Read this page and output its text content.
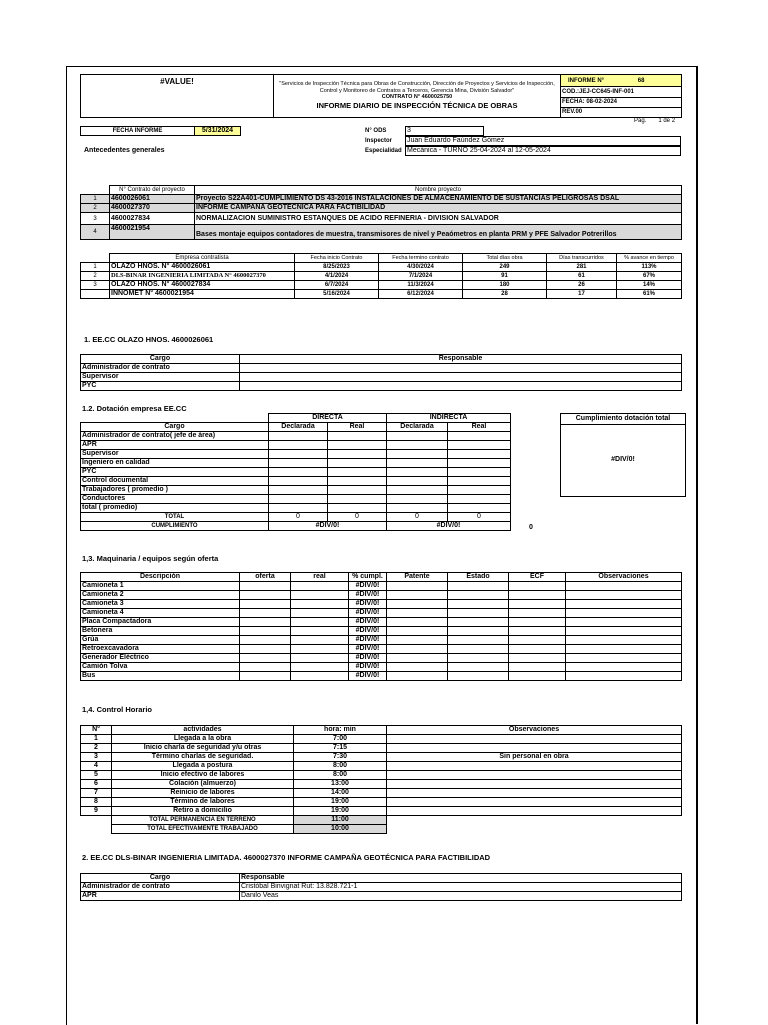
#VALUE!	"Servicios de Inspección Técnica para Obras de Construcción, Dirección de Proyectos y Servicios de Inspección, Control y Monitoreo de Contratos a Terceros, Gerencia Mina, División Salvador"
CONTRATO N° 4600025750
INFORME DIARIO DE INSPECCIÓN TÉCNICA DE OBRAS
	INFORME N°	68
COD.:JEJ-CC645-INF-001
FECHA: 08-02-2024
REV.00
Pág. 1 de 2
FECHA INFORME	5/31/2024	N° ODS	3
Inspector Juan Eduardo Faúndez Gómez
Especialidad Mecánica - TURNO 25-04-2024 al 12-05-2024
Antecedentes generales
	N° Contrato del proyecto	Nombre proyecto
1	4600026061	Proyecto S22A401-CUMPLIMIENTO DS 43-2016 INSTALACIONES DE ALMACENAMIENTO DE SUSTANCIAS PELIGROSAS DSAL
2	4600027370	INFORME CAMPAÑA GEOTÉCNICA PARA FACTIBILIDAD
3	4600027834	NORMALIZACION SUMINISTRO ESTANQUES DE ACIDO REFINERIA - DIVISION SALVADOR
4	4600021954	Bases montaje equipos contadores de muestra, transmisores de nivel y Peaómetros en planta PRM y PFE Salvador Potrerillos
	Empresa contratista	Fecha inicio Contrato	Fecha termino contrato	Total días obra	Días transcurridos	% avance en tiempo
1	OLAZO HNOS. N° 4600026061	8/25/2023	4/30/2024	249	281	113%
2	DLS-BINAR INGENIERIA LIMITADA N° 4600027370	4/1/2024	7/1/2024	91	61	67%
3	OLAZO HNOS. N° 4600027834	6/7/2024	11/3/2024	180	26	14%
	INNOMET N° 4600021954	5/16/2024	6/12/2024	28	17	61%
1. EE.CC OLAZO HNOS. 4600026061
Cargo	Responsable
Administrador de contrato	
Supervisor	
PYC	
1.2. Dotación empresa EE.CC
	DIRECTA		INDIRECTA	
Cargo	Declarada	Real	Declarada	Real
Administrador de contrato( jefe de área)				
APR				
Supervisor				
Ingeniero en calidad				
PYC				
Control documental				
Trabajadores ( promedio )				
Conductores				
total ( promedio)				
TOTAL	0	0	0	0
CUMPLIMIENTO	#DIV/0!		#DIV/0!		0
Cumplimiento dotación total
#DIV/0!
1,3. Maquinaria / equipos según oferta
Descripción	oferta	real	% cumpl.	Patente	Estado	ECF	Observaciones
Camioneta 1			#DIV/0!				
Camioneta 2			#DIV/0!				
Camioneta 3			#DIV/0!				
Camioneta 4			#DIV/0!				
Placa Compactadora			#DIV/0!				
Betonera			#DIV/0!				
Grúa			#DIV/0!				
Retroexcavadora			#DIV/0!				
Generador Eléctrico			#DIV/0!				
Camión Tolva			#DIV/0!				
Bus			#DIV/0!				
1,4. Control Horario
N°	actividades	hora: min	Observaciones
1	Llegada a la obra	7:00	
2	Inicio charla de seguridad y/u otras	7:15	
3	Término charlas de seguridad.	7:30	Sin personal en obra
4	Llegada a postura	8:00	
5	Inicio efectivo de labores	8:00	
6	Colación (almuerzo)	13:00	
7	Reinicio de labores	14:00	
8	Término de labores	19:00	
9	Retiro a domicilio	19:00	
	TOTAL PERMANENCIA EN TERRENO	11:00	
	TOTAL EFECTIVAMENTE TRABAJADO	10:00	
2. EE.CC DLS-BINAR INGENIERIA LIMITADA. 4600027370 INFORME CAMPAÑA GEOTÉCNICA PARA FACTIBILIDAD
Cargo	Responsable
Administrador de contrato	Cristóbal Binvignat Rut: 13.828.721-1
APR	Danilo Veas
